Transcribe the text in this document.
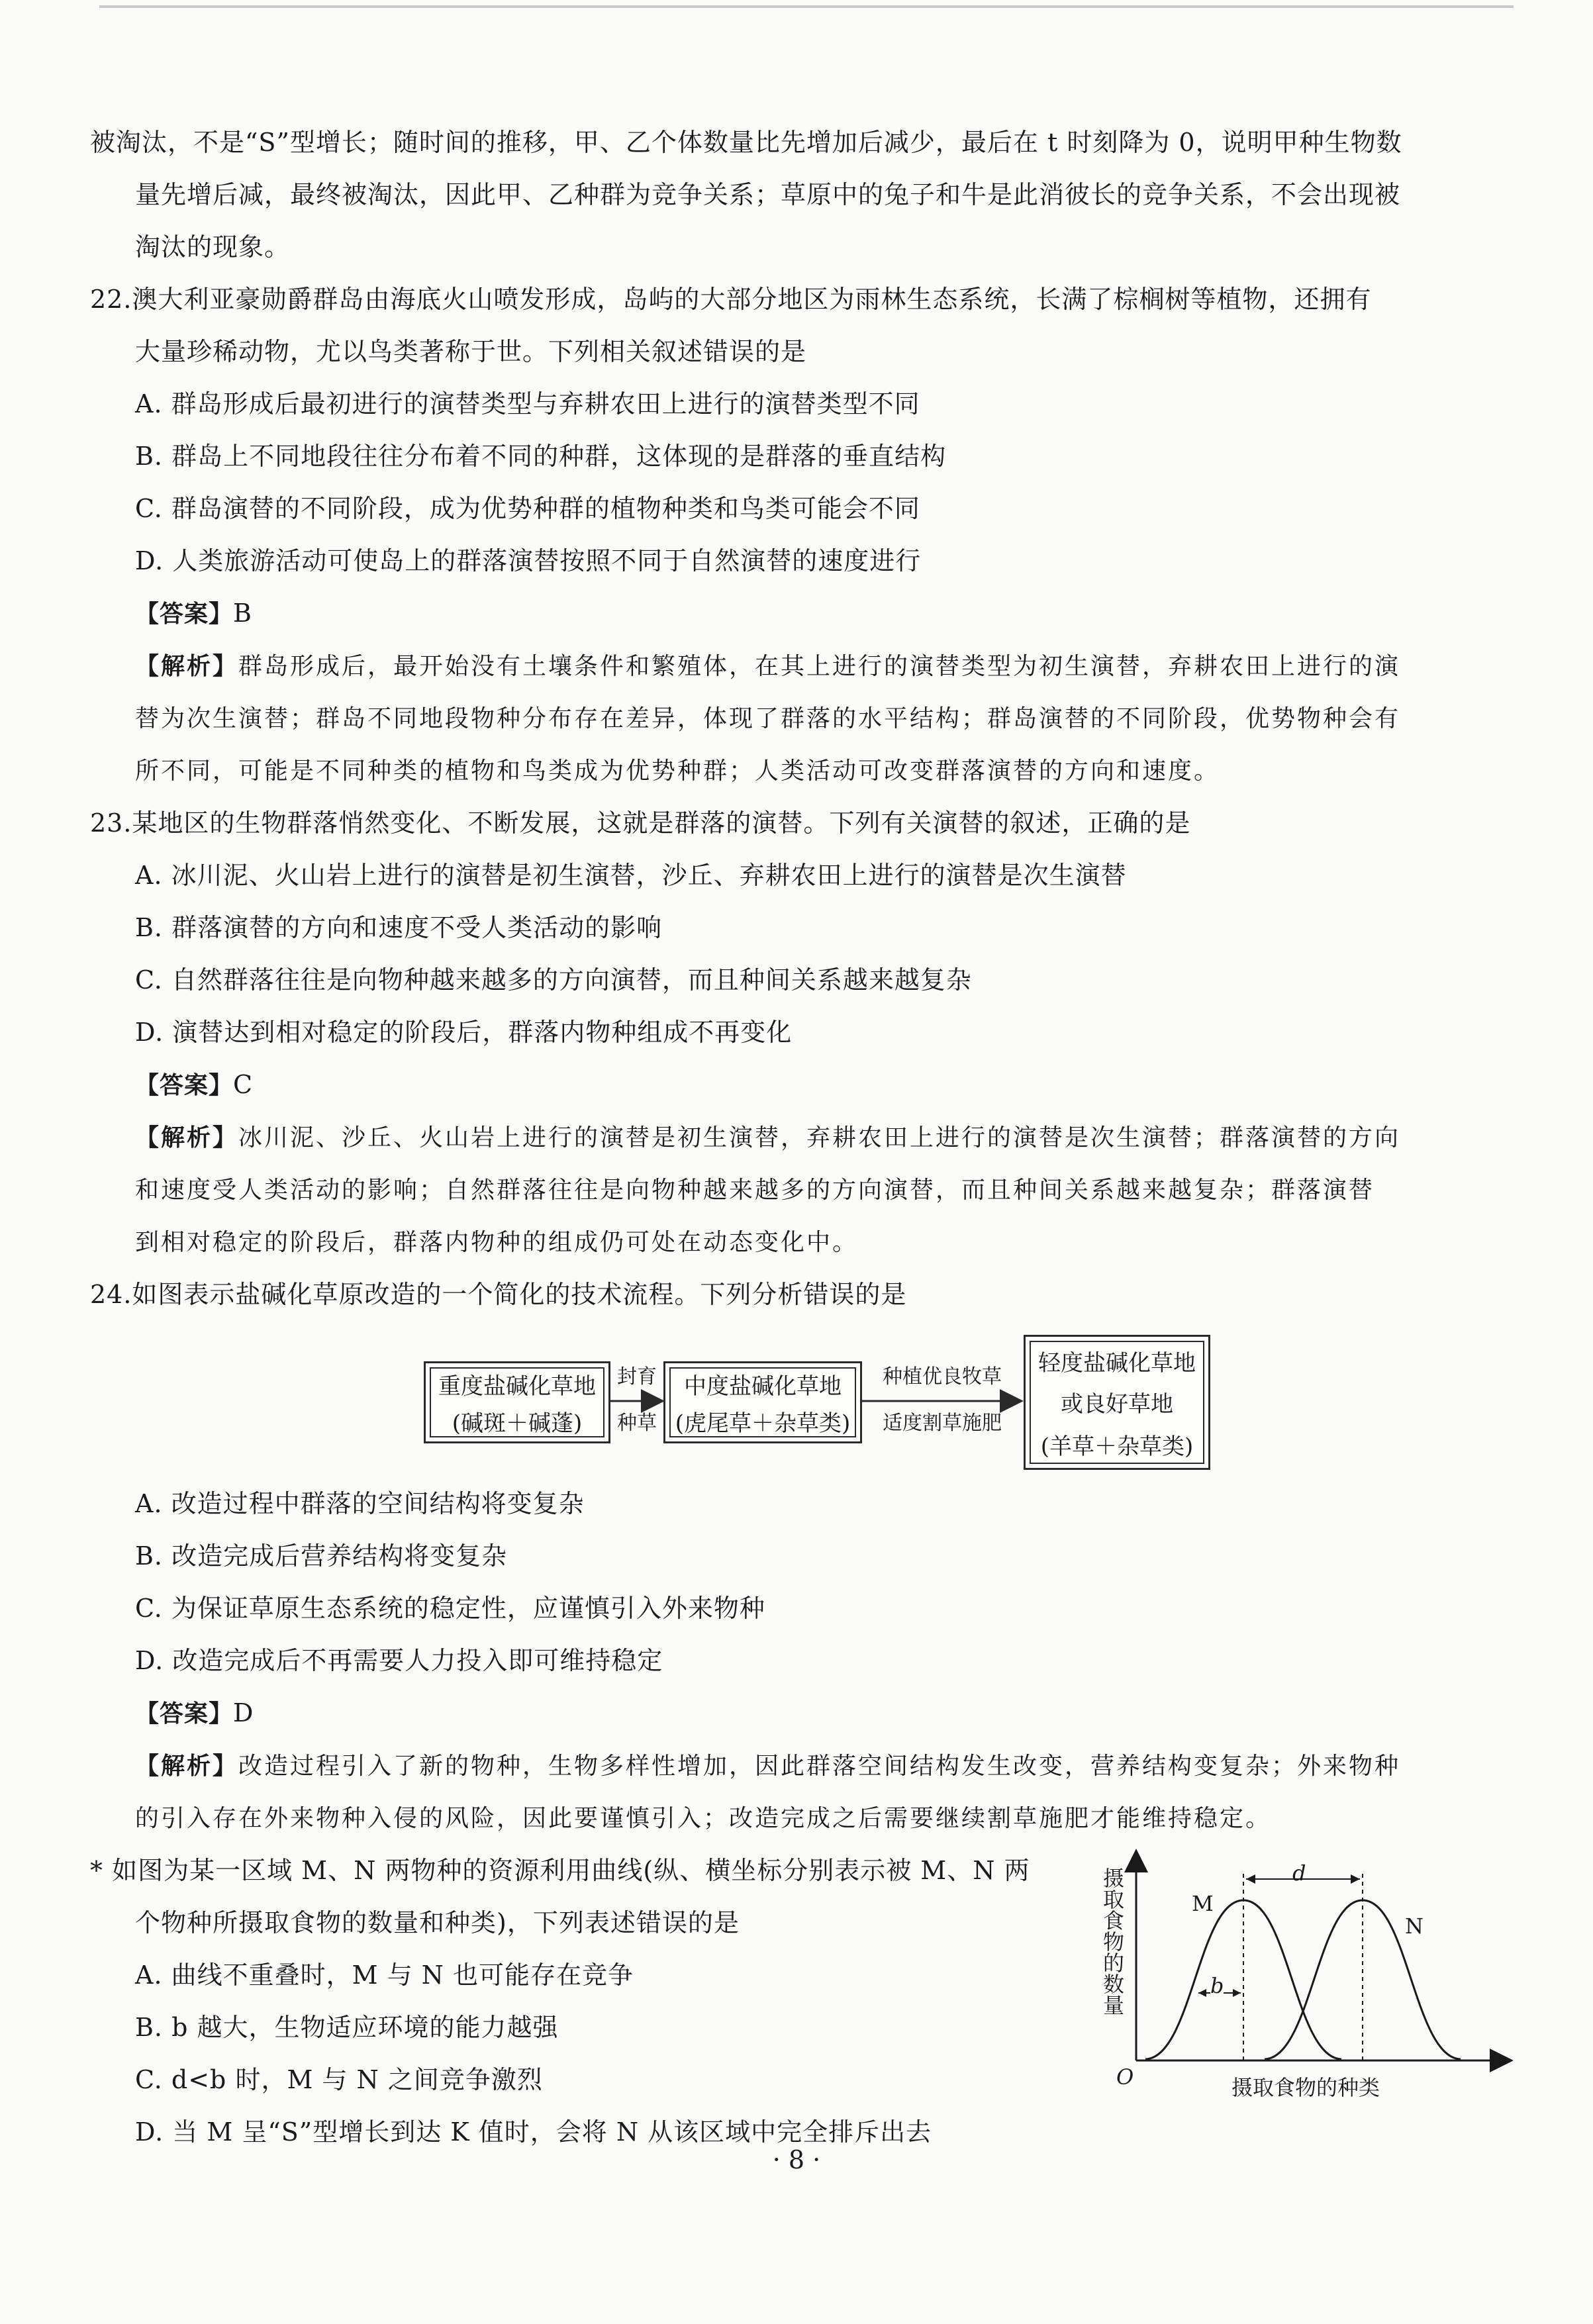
被淘汰，不是“S”型增长；随时间的推移，甲、乙个体数量比先增加后减少，最后在 t 时刻降为 0，说明甲种生物数

量先增后减，最终被淘汰，因此甲、乙种群为竞争关系；草原中的兔子和牛是此消彼长的竞争关系，不会出现被

淘汰的现象。

22.澳大利亚豪勋爵群岛由海底火山喷发形成，岛屿的大部分地区为雨林生态系统，长满了棕榈树等植物，还拥有

大量珍稀动物，尤以鸟类著称于世。下列相关叙述错误的是

A. 群岛形成后最初进行的演替类型与弃耕农田上进行的演替类型不同

B. 群岛上不同地段往往分布着不同的种群，这体现的是群落的垂直结构

C. 群岛演替的不同阶段，成为优势种群的植物种类和鸟类可能会不同

D. 人类旅游活动可使岛上的群落演替按照不同于自然演替的速度进行

【答案】B

【解析】群岛形成后，最开始没有土壤条件和繁殖体，在其上进行的演替类型为初生演替，弃耕农田上进行的演

替为次生演替；群岛不同地段物种分布存在差异，体现了群落的水平结构；群岛演替的不同阶段，优势物种会有

所不同，可能是不同种类的植物和鸟类成为优势种群；人类活动可改变群落演替的方向和速度。

23.某地区的生物群落悄然变化、不断发展，这就是群落的演替。下列有关演替的叙述，正确的是

A. 冰川泥、火山岩上进行的演替是初生演替，沙丘、弃耕农田上进行的演替是次生演替

B. 群落演替的方向和速度不受人类活动的影响

C. 自然群落往往是向物种越来越多的方向演替，而且种间关系越来越复杂

D. 演替达到相对稳定的阶段后，群落内物种组成不再变化

【答案】C

【解析】冰川泥、沙丘、火山岩上进行的演替是初生演替，弃耕农田上进行的演替是次生演替；群落演替的方向

和速度受人类活动的影响；自然群落往往是向物种越来越多的方向演替，而且种间关系越来越复杂；群落演替

到相对稳定的阶段后，群落内物种的组成仍可处在动态变化中。

24.如图表示盐碱化草原改造的一个简化的技术流程。下列分析错误的是

A. 改造过程中群落的空间结构将变复杂

B. 改造完成后营养结构将变复杂

C. 为保证草原生态系统的稳定性，应谨慎引入外来物种

D. 改造完成后不再需要人力投入即可维持稳定

【答案】D

【解析】改造过程引入了新的物种，生物多样性增加，因此群落空间结构发生改变，营养结构变复杂；外来物种

的引入存在外来物种入侵的风险，因此要谨慎引入；改造完成之后需要继续割草施肥才能维持稳定。

* 如图为某一区域 M、N 两物种的资源利用曲线(纵、横坐标分别表示被 M、N 两

个物种所摄取食物的数量和种类)，下列表述错误的是

A. 曲线不重叠时，M 与 N 也可能存在竞争

B. b 越大，生物适应环境的能力越强

C. d<b 时，M 与 N 之间竞争激烈

D. 当 M 呈“S”型增长到达 K 值时，会将 N 从该区域中完全排斥出去

重度盐碱化草地
(碱斑＋碱蓬)
封育
种草
中度盐碱化草地
(虎尾草＋杂草类)
种植优良牧草
适度割草施肥
轻度盐碱化草地
或良好草地
(羊草＋杂草类)
摄取食物的数量	d
b
M
N
O	摄取食物的种类
· 8 ·
